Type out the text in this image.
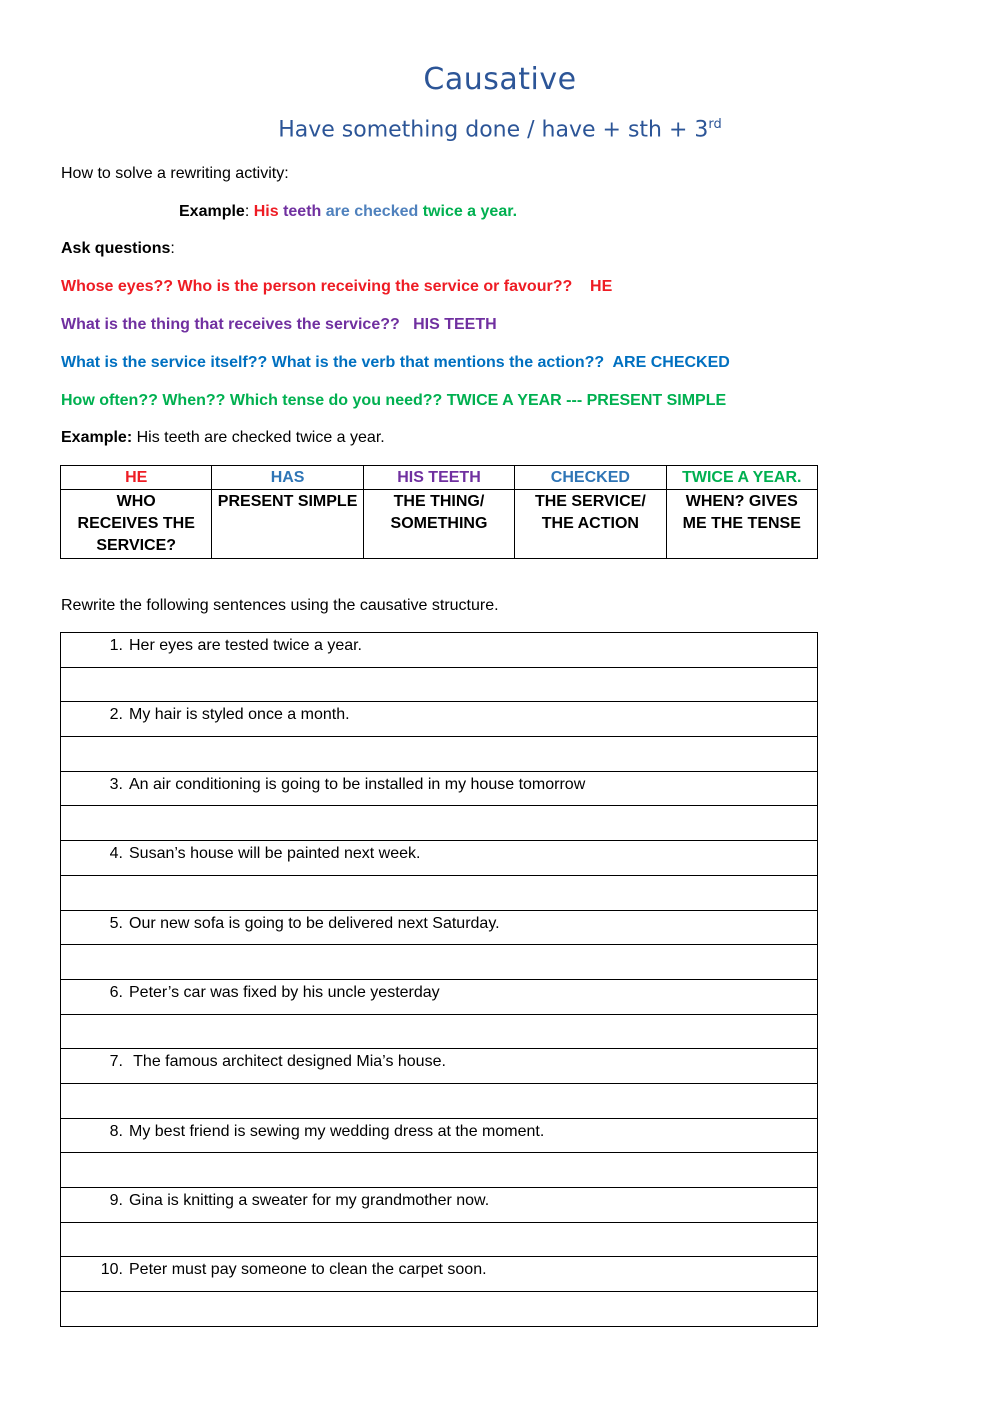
Causative
Have something done / have + sth + 3rd
How to solve a rewriting activity:
Example: His teeth are checked twice a year.
Ask questions:
Whose eyes?? Who is the person receiving the service or favour??    HE
What is the thing that receives the service??   HIS TEETH
What is the service itself?? What is the verb that mentions the action??  ARE CHECKED
How often?? When?? Which tense do you need?? TWICE A YEAR --- PRESENT SIMPLE
Example: His teeth are checked twice a year.
HE	HAS	HIS TEETH	CHECKED	TWICE A YEAR.
WHO RECEIVES THE SERVICE?	PRESENT SIMPLE	THE THING/ SOMETHING	THE SERVICE/ THE ACTION	WHEN? GIVES ME THE TENSE
Rewrite the following sentences using the causative structure.
1. Her eyes are tested twice a year.

2. My hair is styled once a month.

3. An air conditioning is going to be installed in my house tomorrow

4. Susan’s house will be painted next week.

5. Our new sofa is going to be delivered next Saturday.

6. Peter’s car was fixed by his uncle yesterday

7. The famous architect designed Mia’s house.

8. My best friend is sewing my wedding dress at the moment.

9. Gina is knitting a sweater for my grandmother now.

10. Peter must pay someone to clean the carpet soon.
